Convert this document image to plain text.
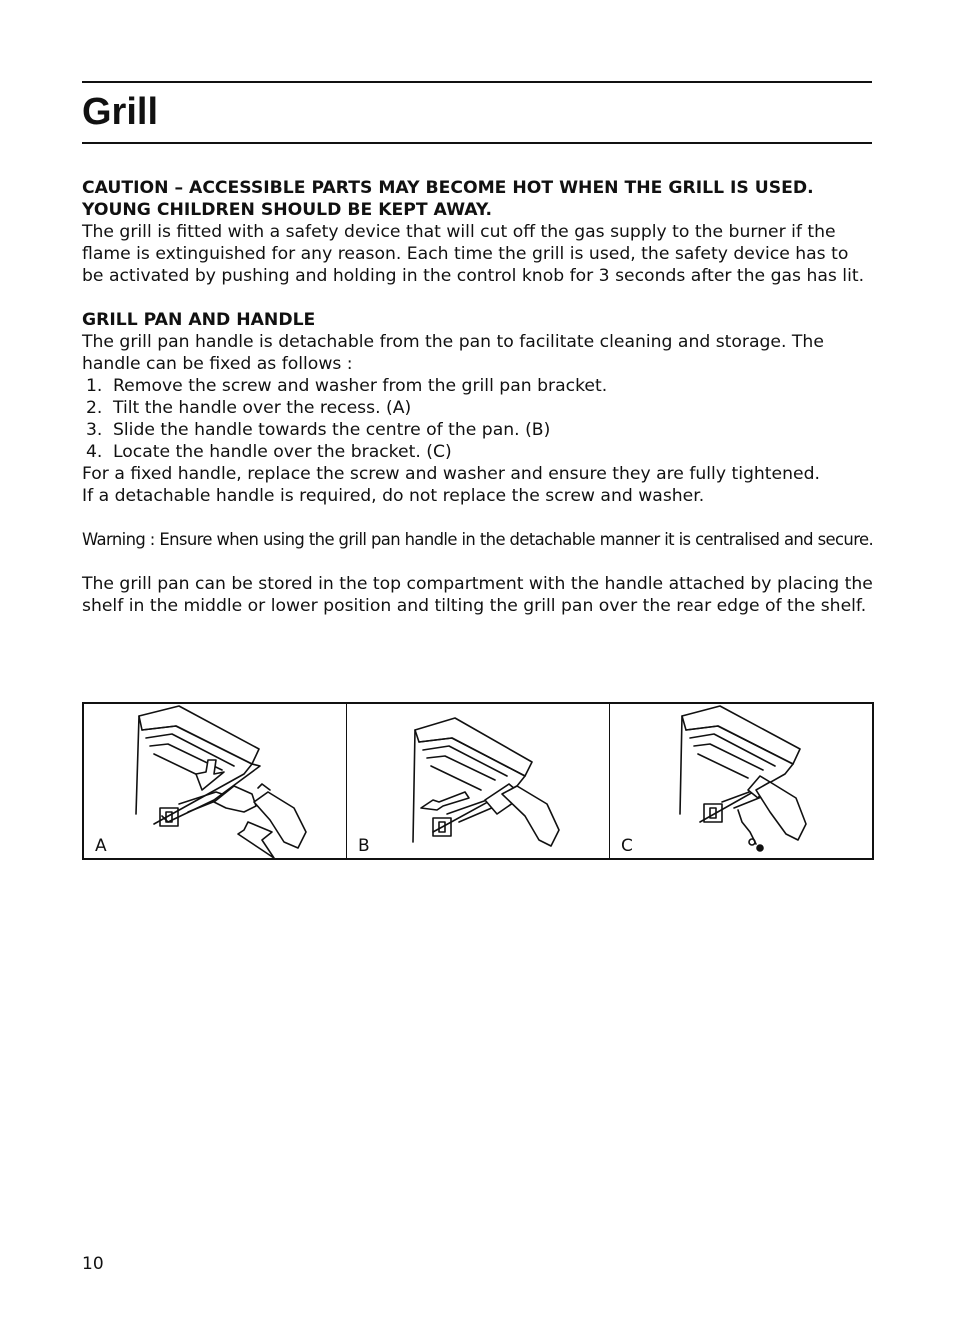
Grill

CAUTION – ACCESSIBLE PARTS MAY BECOME HOT WHEN THE GRILL IS USED.

YOUNG CHILDREN SHOULD BE KEPT AWAY.

The grill is fitted with a safety device that will cut off the gas supply to the burner if the flame is extinguished for any reason. Each time the grill is used, the safety device has to be activated by pushing and holding in the control knob for 3 seconds after the gas has lit.

GRILL PAN AND HANDLE

The grill pan handle is detachable from the pan to facilitate cleaning and storage. The handle can be fixed as follows :

1. Remove the screw and washer from the grill pan bracket.
2. Tilt the handle over the recess. (A)
3. Slide the handle towards the centre of the pan. (B)
4. Locate the handle over the bracket. (C)

For a fixed handle, replace the screw and washer and ensure they are fully tightened.

If a detachable handle is required, do not replace the screw and washer.

Warning : Ensure when using the grill pan handle in the detachable manner it is centralised and secure.

The grill pan can be stored in the top compartment with the handle attached by placing the shelf in the middle or lower position and tilting the grill pan over the rear edge of the shelf.

A	B	C
10
